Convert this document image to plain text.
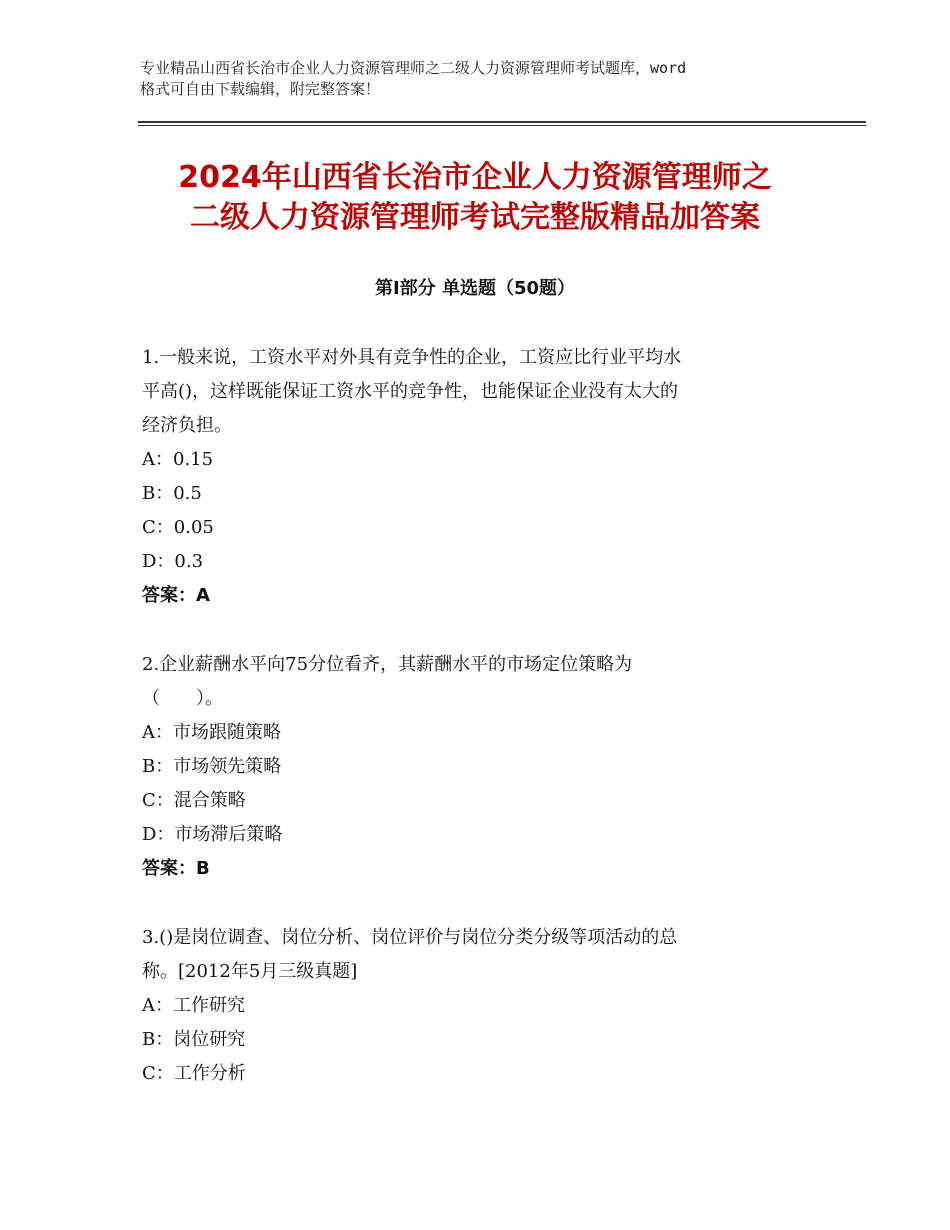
专业精品山西省长治市企业人力资源管理师之二级人力资源管理师考试题库，word
格式可自由下载编辑，附完整答案！
2024年山西省长治市企业人力资源管理师之
二级人力资源管理师考试完整版精品加答案
第Ⅰ部分 单选题（50题）

1.一般来说，工资水平对外具有竞争性的企业，工资应比行业平均水

平高()，这样既能保证工资水平的竞争性，也能保证企业没有太大的

经济负担。

A：0.15

B：0.5

C：0.05

D：0.3

答案：A

2.企业薪酬水平向75分位看齐，其薪酬水平的市场定位策略为

（　　）。

A：市场跟随策略

B：市场领先策略

C：混合策略

D：市场滞后策略

答案：B

3.()是岗位调查、岗位分析、岗位评价与岗位分类分级等项活动的总

称。[2012年5月三级真题]

A：工作研究

B：岗位研究

C：工作分析
